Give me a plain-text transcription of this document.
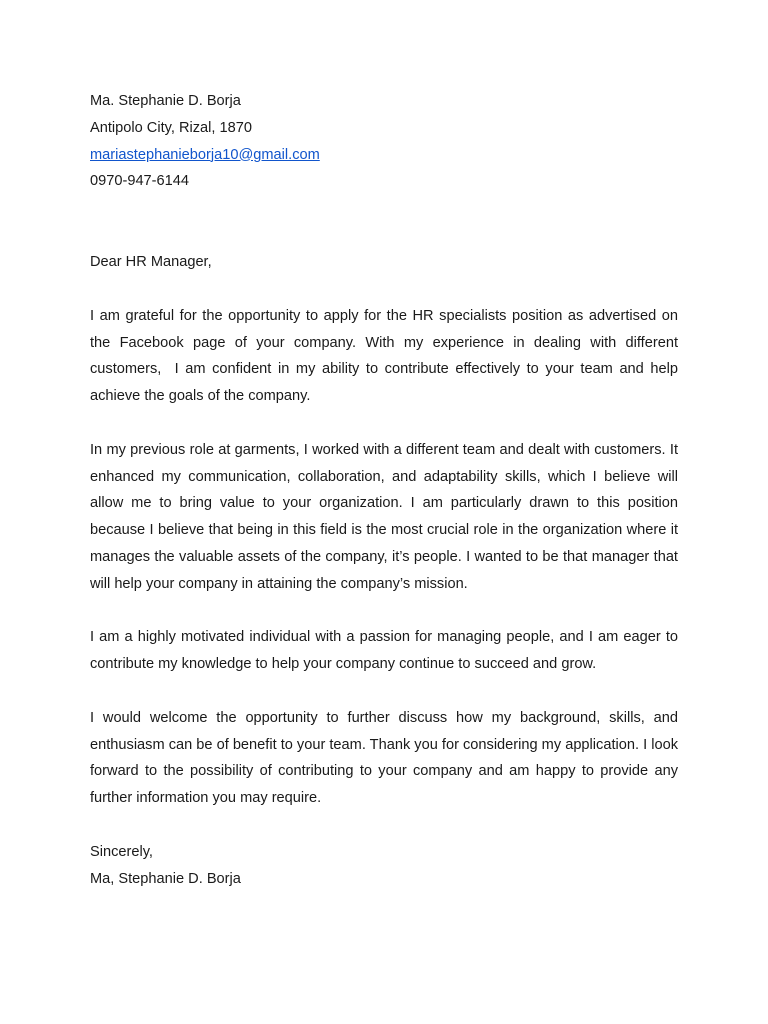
Ma. Stephanie D. Borja
Antipolo City, Rizal, 1870
mariastephanieborja10@gmail.com
0970-947-6144
Dear HR Manager,

I am grateful for the opportunity to apply for the HR specialists position as advertised on the Facebook page of your company. With my experience in dealing with different customers,  I am confident in my ability to contribute effectively to your team and help achieve the goals of the company.

In my previous role at garments, I worked with a different team and dealt with customers. It enhanced my communication, collaboration, and adaptability skills, which I believe will allow me to bring value to your organization. I am particularly drawn to this position because I believe that being in this field is the most crucial role in the organization where it manages the valuable assets of the company, it’s people. I wanted to be that manager that will help your company in attaining the company’s mission.

I am a highly motivated individual with a passion for managing people, and I am eager to contribute my knowledge to help your company continue to succeed and grow.

I would welcome the opportunity to further discuss how my background, skills, and enthusiasm can be of benefit to your team. Thank you for considering my application. I look forward to the possibility of contributing to your company and am happy to provide any further information you may require.

Sincerely,
Ma, Stephanie D. Borja
